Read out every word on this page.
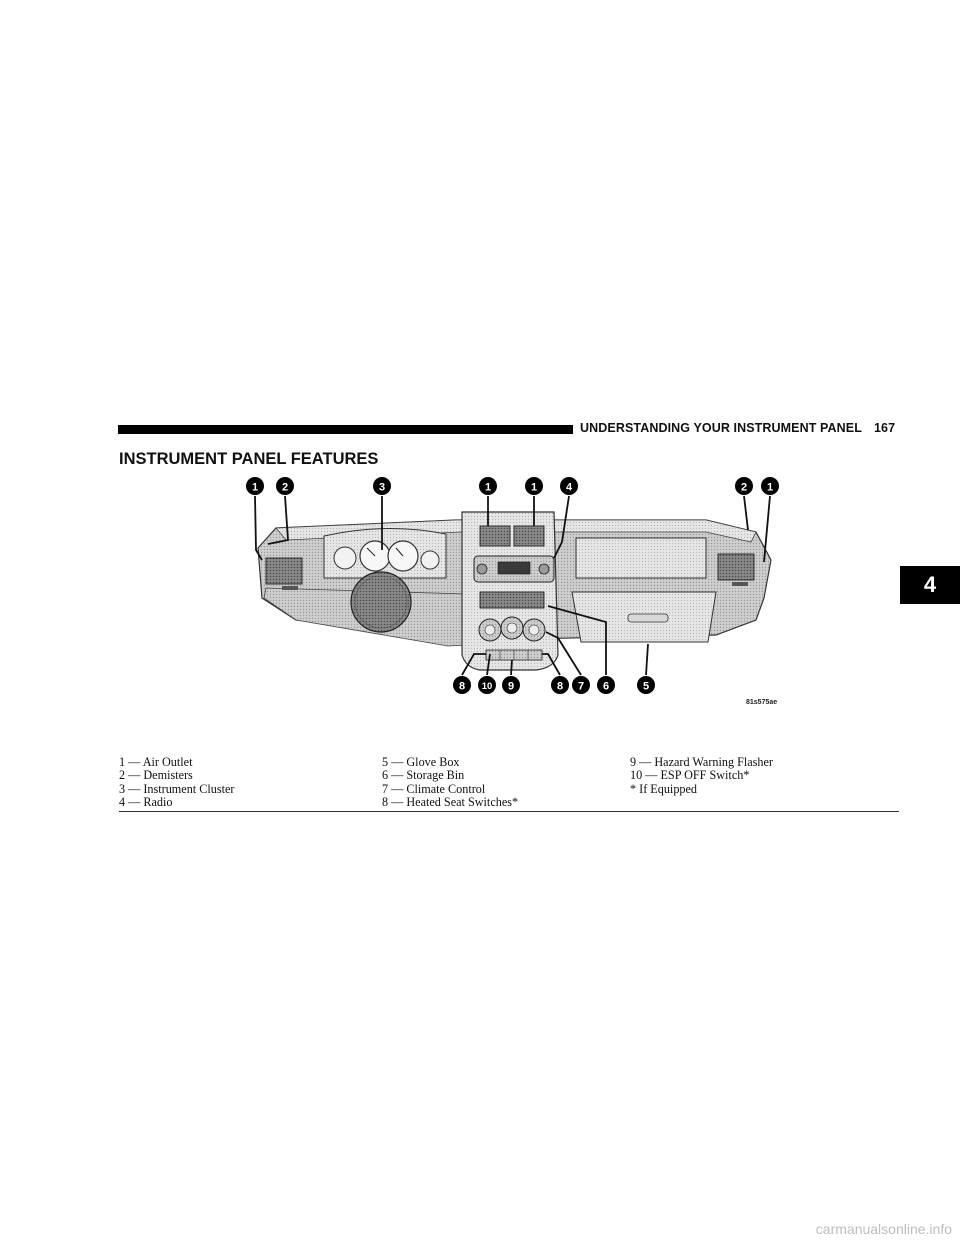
UNDERSTANDING YOUR INSTRUMENT PANEL 167
INSTRUMENT PANEL FEATURES
4
1 2	3	1	1	4	2 1
8 10 9	8 7 6	5
81s575ae
1 — Air Outlet
2 — Demisters
3 — Instrument Cluster
4 — Radio
5 — Glove Box
6 — Storage Bin
7 — Climate Control
8 — Heated Seat Switches*
9 — Hazard Warning Flasher
10 — ESP OFF Switch*
* If Equipped
carmanualsonline.info
